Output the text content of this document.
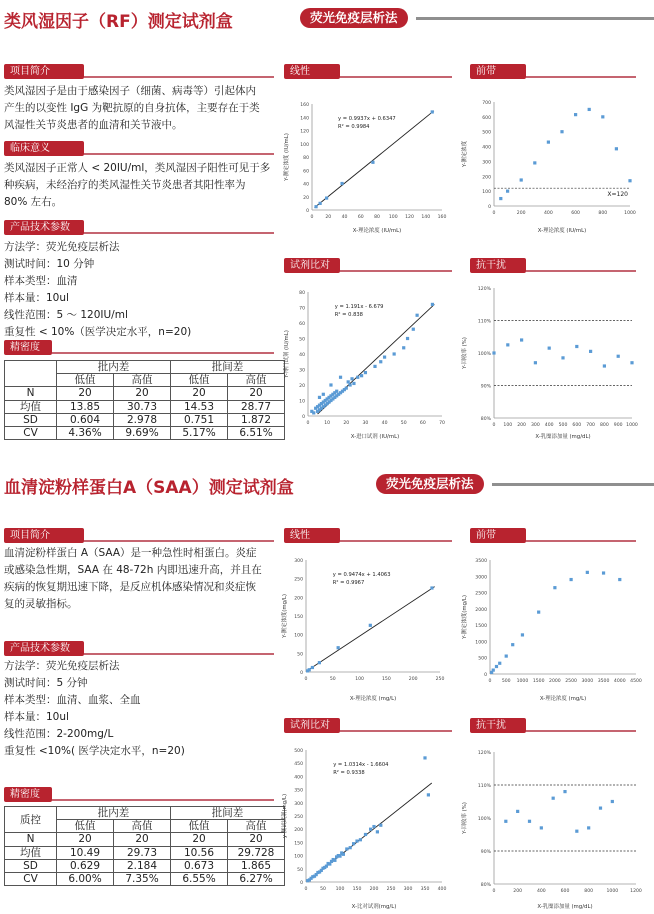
类风湿因子（RF）测定试剂盒	荧光免疫层析法
项目简介
类风湿因子是由于感染因子（细菌、病毒等）引起体内
产生的以变性 IgG 为靶抗原的自身抗体，主要存在于类
风湿性关节炎患者的血清和关节液中。
临床意义
类风湿因子正常人 < 20IU/ml，类风湿因子阳性可见于多
种疾病，未经治疗的类风湿性关节炎患者其阳性率为
80% 左右。
产品技术参数
方法学：荧光免疫层析法
测试时间：10 分钟
样本类型：血清
样本量：10ul
线性范围：5 ～ 120IU/ml
重复性 < 10%（医学决定水平，n=20)
精密度
	批内差		批间差	
	低值	高值	低值	高值
N	20	20	20	20
均值	13.85	30.73	14.53	28.77
SD	0.604	2.978	0.751	1.872
CV	4.36%	9.69%	5.17%	6.51%
线性
0
20
40
60
80
100
120
140
160
0	20 40 60 80 100 120 140 160
y = 0.9937x + 0.6347
R² = 0.9984
X-理论浓度 (IU/mL)
Y-测定浓度 (IU/mL)
前带
0
100
200
300
400
500
600
700
0	200	400	600	800	1000
X=120
X-理论浓度 (IU/mL)
Y-测定浓度
试剂比对
0
10
20
30
40
50
60
70
80
0	10	20	30	40	50	60	70
y = 1.191x - 6.679
R² = 0.838
X-进口试剂 (IU/mL)
Y-博门试剂 (IU/mL)
抗干扰
80%
90%
100%
110%
120%
0 100 200 300 400 500 600 700 800 900 1000
X-乳糜添加量 (mg/dL)
Y-回收率 (%)
血清淀粉样蛋白A（SAA）测定试剂盒	荧光免疫层析法
项目简介
血清淀粉样蛋白 A（SAA）是一种急性时相蛋白。炎症
或感染急性期，SAA 在 48-72h 内即迅速升高，并且在
疾病的恢复期迅速下降，是反应机体感染情况和炎症恢
复的灵敏指标。
产品技术参数
方法学：荧光免疫层析法
测试时间：5 分钟
样本类型：血清、血浆、全血
样本量：10ul
线性范围：2-200mg/L
重复性 <10%( 医学决定水平，n=20)
精密度
质控	批内差		批间差	
	低值	高值	低值	高值
N	20	20	20	20
均值	10.49	29.73	10.56	29.728
SD	0.629	2.184	0.673	1.865
CV	6.00%	7.35%	6.55%	6.27%
线性
0
50
100
150
200
250
300
0	50	100	150	200	250
y = 0.9474x + 1.4063
R² = 0.9967
X-理论浓度 (mg/L)
Y-测定浓度(mg/L)
前带
0
500
1000
1500
2000
2500
3000
3500
0 500 1000 1500 2000 2500 3000 3500 4000 4500
X-理论浓度 (mg/L)
Y-测定浓度(mg/L)
试剂比对
0
50
100
150
200
250
300
350
400
450
500
0	50 100 150 200 250 300 350 400
y = 1.0314x - 1.6604
R² = 0.9338
X-比对试剂(mg/L)
y-测试试剂(mg/L)
抗干扰
80%
90%
100%
110%
120%
0	200	400	600	800	1000	1200
X-乳糜添加量 (mg/dL)
Y-回收率 (%)
